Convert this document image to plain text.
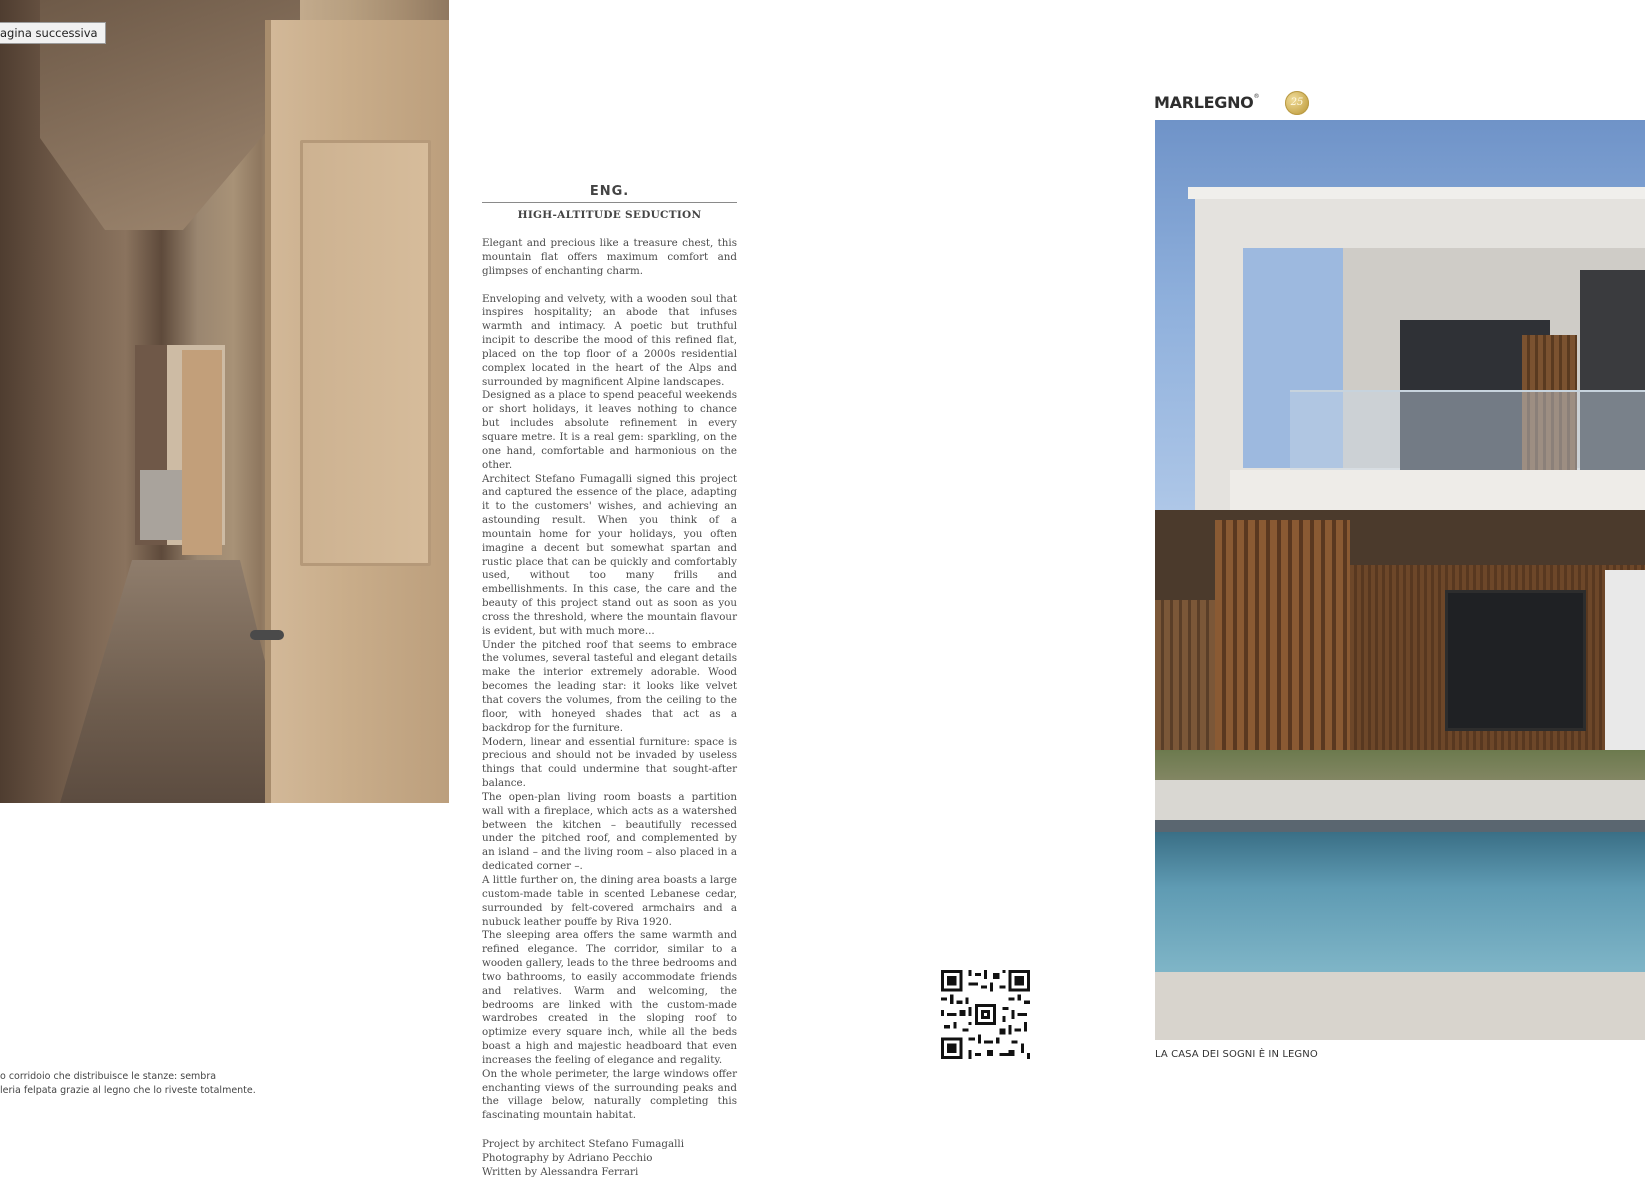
agina successiva
o corridoio che distribuisce le stanze: sembra
leria felpata grazie al legno che lo riveste totalmente.
ENG.
HIGH-ALTITUDE SEDUCTION

Elegant and precious like a treasure chest, this mountain flat offers maximum comfort and glimpses of enchanting charm.

Enveloping and velvety, with a wooden soul that inspires hospitality; an abode that infuses warmth and intimacy. A poetic but truthful incipit to describe the mood of this refined flat, placed on the top floor of a 2000s residential complex located in the heart of the Alps and surrounded by magnificent Alpine landscapes.

Designed as a place to spend peaceful weekends or short holidays, it leaves nothing to chance but includes absolute refinement in every square metre. It is a real gem: sparkling, on the one hand, comfortable and harmonious on the other.

Architect Stefano Fumagalli signed this project and captured the essence of the place, adapting it to the customers' wishes, and achieving an astounding result. When you think of a mountain home for your holidays, you often imagine a decent but somewhat spartan and rustic place that can be quickly and comfortably used, without too many frills and embellishments. In this case, the care and the beauty of this project stand out as soon as you cross the threshold, where the mountain flavour is evident, but with much more...

Under the pitched roof that seems to embrace the volumes, several tasteful and elegant details make the interior extremely adorable. Wood becomes the leading star: it looks like velvet that covers the volumes, from the ceiling to the floor, with honeyed shades that act as a backdrop for the furniture.

Modern, linear and essential furniture: space is precious and should not be invaded by useless things that could undermine that sought-after balance.

The open-plan living room boasts a partition wall with a fireplace, which acts as a watershed between the kitchen – beautifully recessed under the pitched roof, and complemented by an island – and the living room – also placed in a dedicated corner –.

A little further on, the dining area boasts a large custom-made table in scented Lebanese cedar, surrounded by felt-covered armchairs and a nubuck leather pouffe by Riva 1920.

The sleeping area offers the same warmth and refined elegance. The corridor, similar to a wooden gallery, leads to the three bedrooms and two bathrooms, to easily accommodate friends and relatives. Warm and welcoming, the bedrooms are linked with the custom-made wardrobes created in the sloping roof to optimize every square inch, while all the beds boast a high and majestic headboard that even increases the feeling of elegance and regality.

On the whole perimeter, the large windows offer enchanting views of the surrounding peaks and the village below, naturally completing this fascinating mountain habitat.

Project by architect Stefano Fumagalli
Photography by Adriano Pecchio
Written by Alessandra Ferrari
MARLEGNO®
25
LA CASA DEI SOGNI È IN LEGNO
